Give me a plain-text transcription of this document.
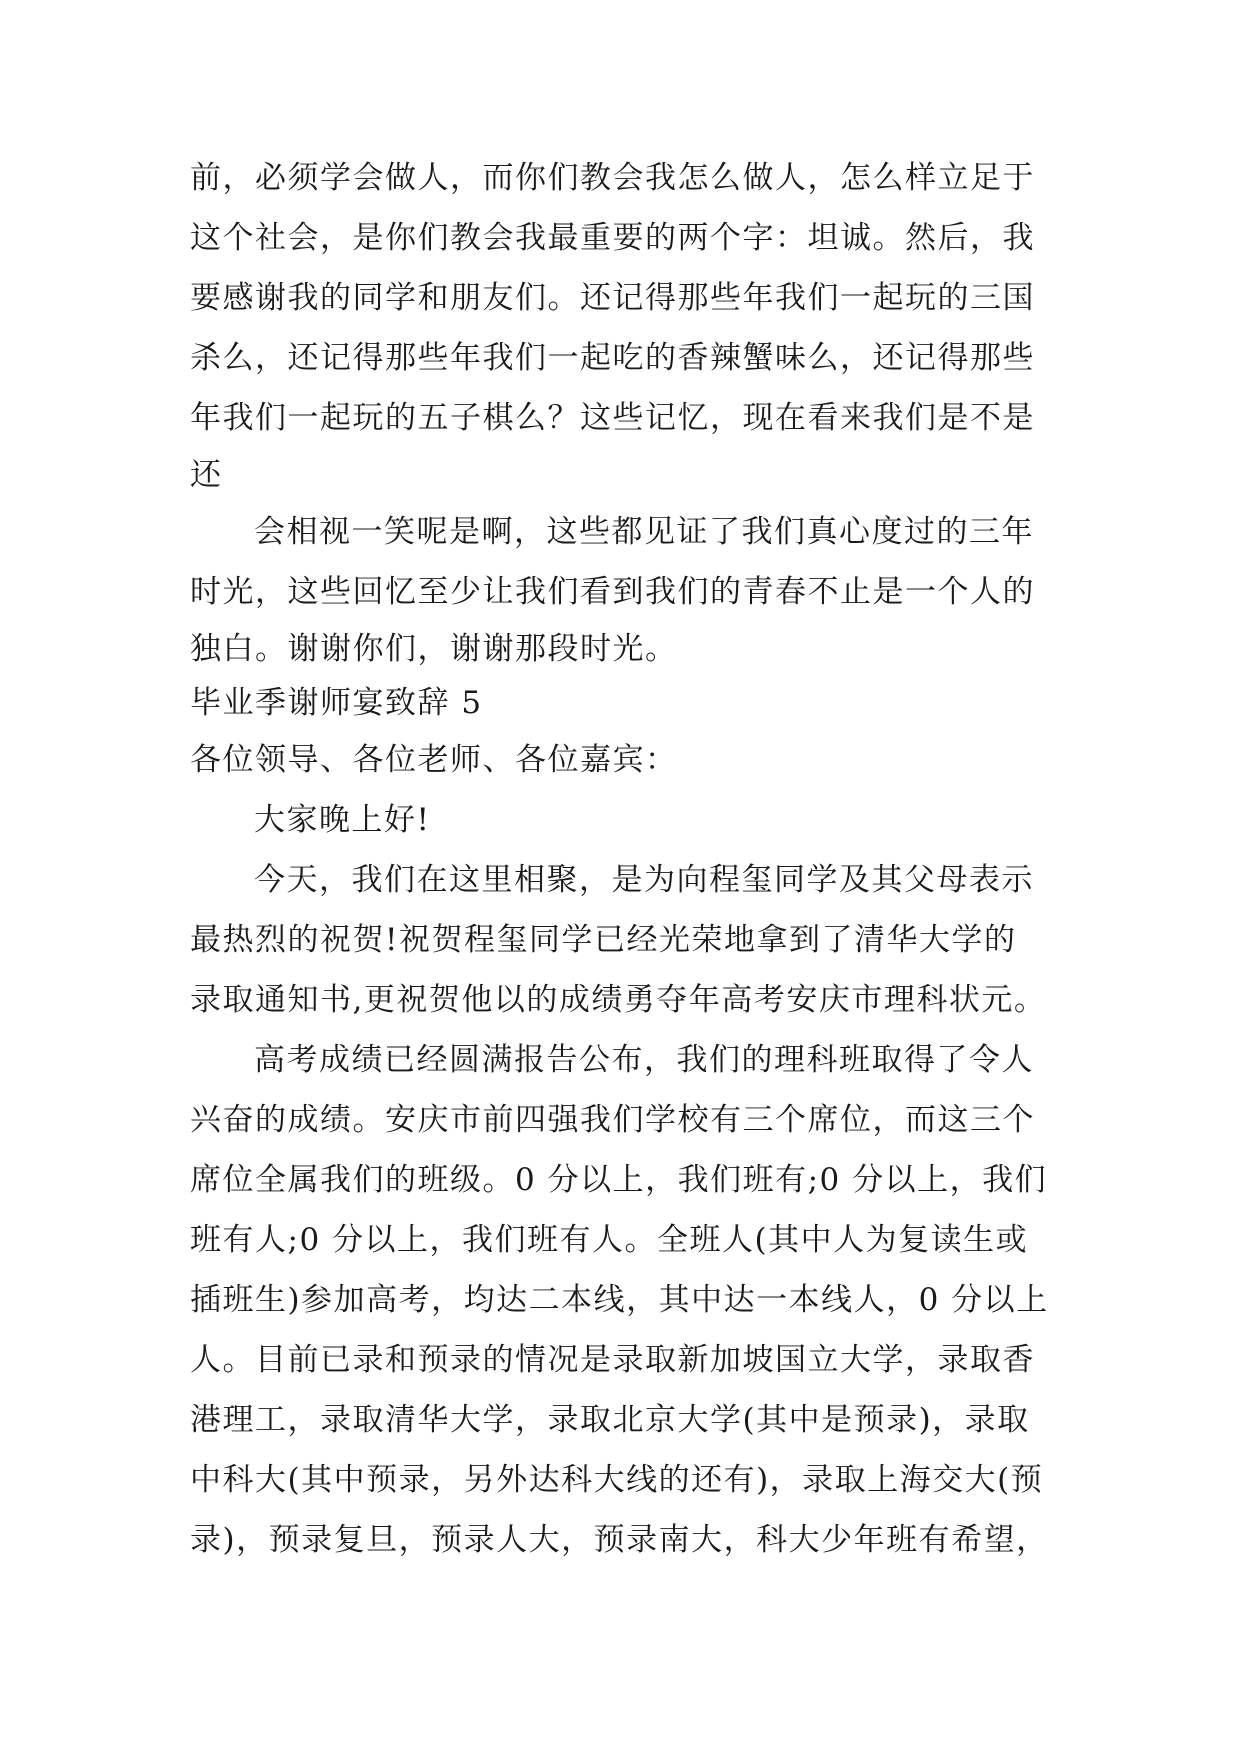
前，必须学会做人，而你们教会我怎么做人，怎么样立足于
这个社会，是你们教会我最重要的两个字：坦诚。然后，我
要感谢我的同学和朋友们。还记得那些年我们一起玩的三国
杀么，还记得那些年我们一起吃的香辣蟹味么，还记得那些
年我们一起玩的五子棋么？这些记忆，现在看来我们是不是
还

会相视一笑呢是啊，这些都见证了我们真心度过的三年
时光，这些回忆至少让我们看到我们的青春不止是一个人的
独白。谢谢你们，谢谢那段时光。

毕业季谢师宴致辞 5

各位领导、各位老师、各位嘉宾：

大家晚上好!

今天，我们在这里相聚，是为向程玺同学及其父母表示
最热烈的祝贺!祝贺程玺同学已经光荣地拿到了清华大学的
录取通知书,更祝贺他以的成绩勇夺年高考安庆市理科状元。

高考成绩已经圆满报告公布，我们的理科班取得了令人
兴奋的成绩。安庆市前四强我们学校有三个席位，而这三个
席位全属我们的班级。0 分以上，我们班有;0 分以上，我们
班有人;0 分以上，我们班有人。全班人(其中人为复读生或
插班生)参加高考，均达二本线，其中达一本线人，0 分以上
人。目前已录和预录的情况是录取新加坡国立大学，录取香
港理工，录取清华大学，录取北京大学(其中是预录)，录取
中科大(其中预录，另外达科大线的还有)，录取上海交大(预
录)，预录复旦，预录人大，预录南大，科大少年班有希望，
